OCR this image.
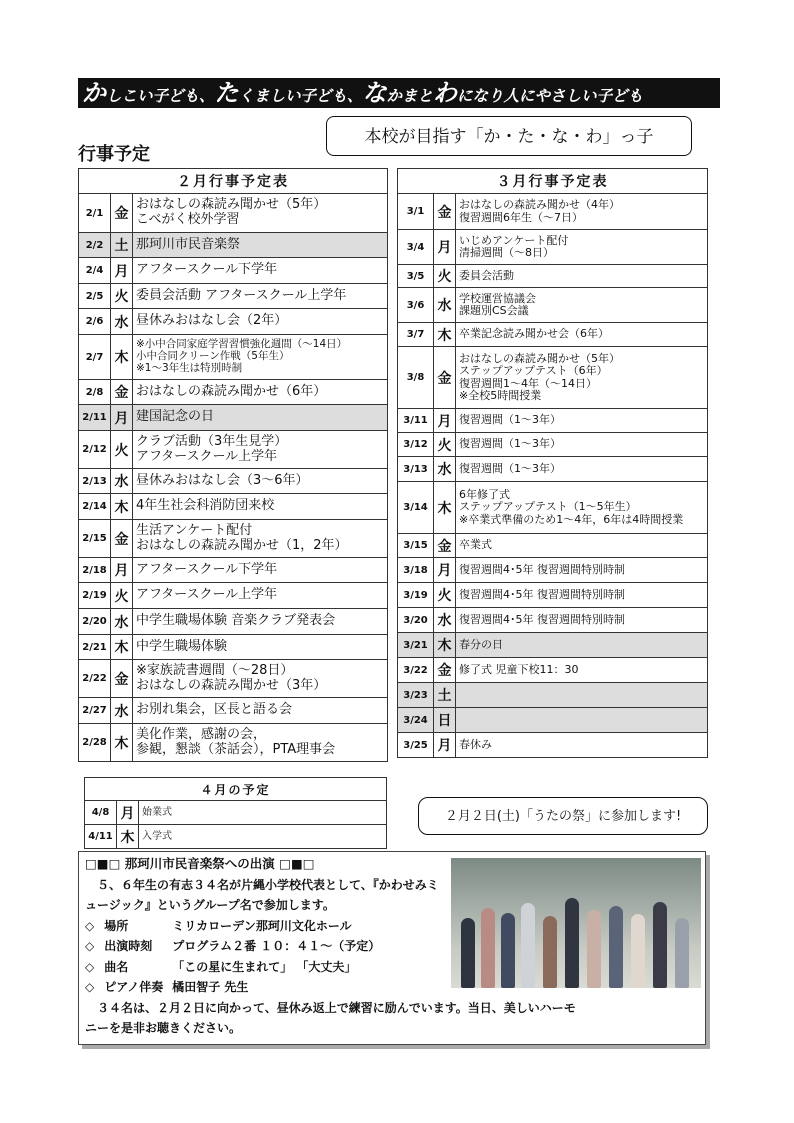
かしこい子ども、たくましい子ども、なかまとわになり人にやさしい子ども
本校が目指す「か・た・な・わ」っ子
行事予定
２月行事予定表		
2/1	金	おはなしの森読み聞かせ（5年）
こべがく校外学習

2/2	土	那珂川市民音楽祭

2/4	月	アフタースクール下学年

2/5	火	委員会活動 アフタースクール上学年

2/6	水	昼休みおはなし会（2年）

2/7	木	※小中合同家庭学習習慣強化週間（～14日）
小中合同クリーン作戦（5年生）
※1～3年生は特別時制

2/8	金	おはなしの森読み聞かせ（6年）

2/11	月	建国記念の日

2/12	火	クラブ活動（3年生見学）
アフタースクール上学年

2/13	水	昼休みおはなし会（3～6年）

2/14	木	4年生社会科消防団来校

2/15	金	生活アンケート配付
おはなしの森読み聞かせ（1，2年）

2/18	月	アフタースクール下学年

2/19	火	アフタースクール上学年

2/20	水	中学生職場体験 音楽クラブ発表会

2/21	木	中学生職場体験

2/22	金	※家族読書週間（～28日）
おはなしの森読み聞かせ（3年）

2/27	水	お別れ集会，区長と語る会

2/28	木	美化作業，感謝の会，
参観，懇談（茶話会），PTA理事会
３月行事予定表		
3/1	金	おはなしの森読み聞かせ（4年）
復習週間6年生（～7日）

3/4	月	いじめアンケート配付
清掃週間（～8日）

3/5	火	委員会活動

3/6	水	学校運営協議会
課題別CS会議

3/7	木	卒業記念読み聞かせ会（6年）

3/8	金	おはなしの森読み聞かせ（5年）
ステップアップテスト（6年）
復習週間1～4年（～14日）
※全校5時間授業

3/11	月	復習週間（1～3年）

3/12	火	復習週間（1～3年）

3/13	水	復習週間（1～3年）

3/14	木	6年修了式
ステップアップテスト（1～5年生）
※卒業式準備のため1～4年，6年は4時間授業

3/15	金	卒業式

3/18	月	復習週間4･5年 復習週間特別時制

3/19	火	復習週間4･5年 復習週間特別時制

3/20	水	復習週間4･5年 復習週間特別時制

3/21	木	春分の日

3/22	金	修了式 児童下校11：30

3/23	土	

3/24	日	

3/25	月	春休み
４月の予定		
4/8	月	始業式

4/11	木	入学式
２月２日(土)「うたの祭」に参加します!
□■□ 那珂川市民音楽祭への出演 □■□
５、６年生の有志３４名が片縄小学校代表として、『かわせみミュージック』というグループ名で参加します。
◇ 場所	ミリカローデン那珂川文化ホール
◇ 出演時刻 プログラム２番 １０：４１～（予定）
◇ 曲名	「この星に生まれて」 「大丈夫」
◇ ピアノ伴奏 橘田智子 先生
３４名は、２月２日に向かって、昼休み返上で練習に励んでいます。当日、美しいハーモニーを是非お聴きください。
